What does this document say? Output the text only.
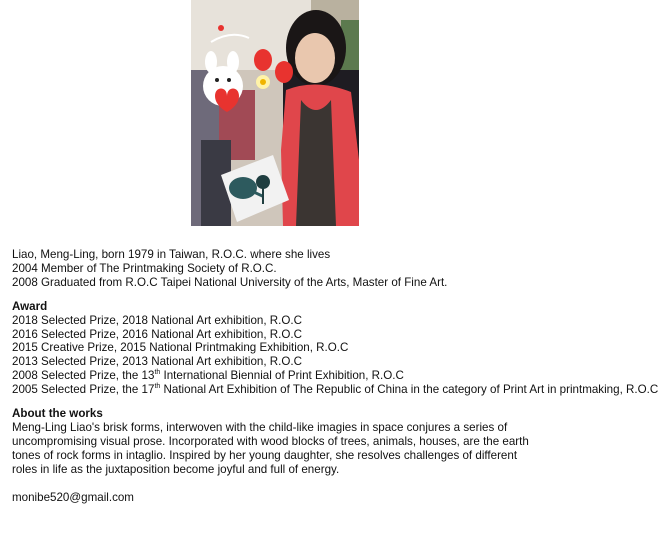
Liao, Meng-Ling, born 1979 in Taiwan, R.O.C. where she lives

2004 Member of The Printmaking Society of R.O.C.

2008 Graduated from R.O.C Taipei National University of the Arts, Master of Fine Art.

Award

2018 Selected Prize, 2018 National Art exhibition, R.O.C

2016 Selected Prize, 2016 National Art exhibition, R.O.C

2015 Creative Prize, 2015 National Printmaking Exhibition, R.O.C

2013 Selected Prize, 2013 National Art exhibition, R.O.C

2008 Selected Prize, the 13th International Biennial of Print Exhibition, R.O.C

2005 Selected Prize, the 17th National Art Exhibition of The Republic of China in the category of Print Art in printmaking, R.O.C

About the works

Meng-Ling Liao's brisk forms, interwoven with the child-like imagies in space conjures a series of uncompromising visual prose. Incorporated with wood blocks of trees, animals, houses, are the earth tones of rock forms in intaglio. Inspired by her young daughter, she resolves challenges of different roles in life as the juxtaposition become joyful and full of energy.

monibe520@gmail.com
